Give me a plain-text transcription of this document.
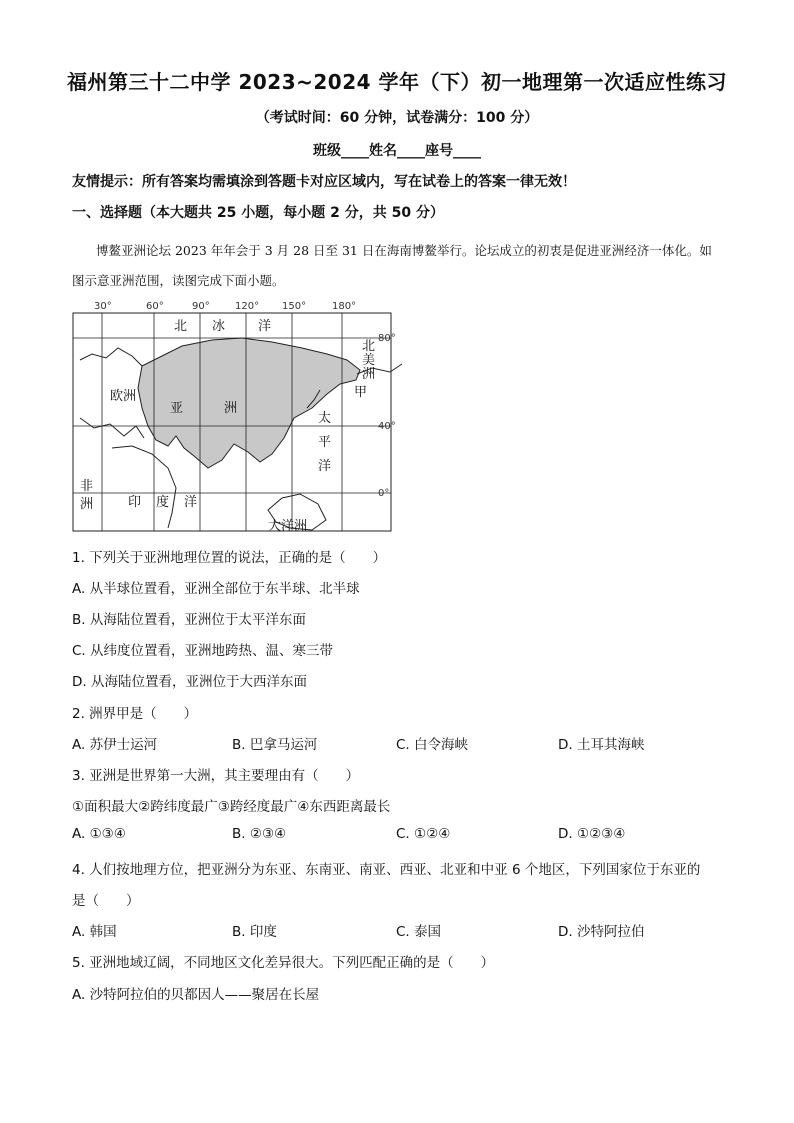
福州第三十二中学 2023~2024 学年（下）初一地理第一次适应性练习
（考试时间：60 分钟，试卷满分：100 分）
班级____姓名____座号____
友情提示：所有答案均需填涂到答题卡对应区域内，写在试卷上的答案一律无效！
一、选择题（本大题共 25 小题，每小题 2 分，共 50 分）
博鳌亚洲论坛 2023 年年会于 3 月 28 日至 31 日在海南博鳌举行。论坛成立的初衷是促进亚洲经济一体化。如图示意亚洲范围，读图完成下面小题。
30°	60°	90°	120° 150°	180°
80°
40°
0°
北 冰	洋
欧洲
亚	洲
太
平
洋
北
美
洲
甲
非
洲	印 度 洋
大洋洲
1. 下列关于亚洲地理位置的说法，正确的是（　　）
A. 从半球位置看，亚洲全部位于东半球、北半球
B. 从海陆位置看，亚洲位于太平洋东面
C. 从纬度位置看，亚洲地跨热、温、寒三带
D. 从海陆位置看，亚洲位于大西洋东面
2. 洲界甲是（　　）
A. 苏伊士运河	B. 巴拿马运河	C. 白令海峡	D. 土耳其海峡
3. 亚洲是世界第一大洲，其主要理由有（　　）
①面积最大②跨纬度最广③跨经度最广④东西距离最长
A. ①③④	B. ②③④	C. ①②④	D. ①②③④
4. 人们按地理方位，把亚洲分为东亚、东南亚、南亚、西亚、北亚和中亚 6 个地区，下列国家位于东亚的
是（　　）
A. 韩国	B. 印度	C. 泰国	D. 沙特阿拉伯
5. 亚洲地域辽阔，不同地区文化差异很大。下列匹配正确的是（　　）
A. 沙特阿拉伯的贝都因人——聚居在长屋
